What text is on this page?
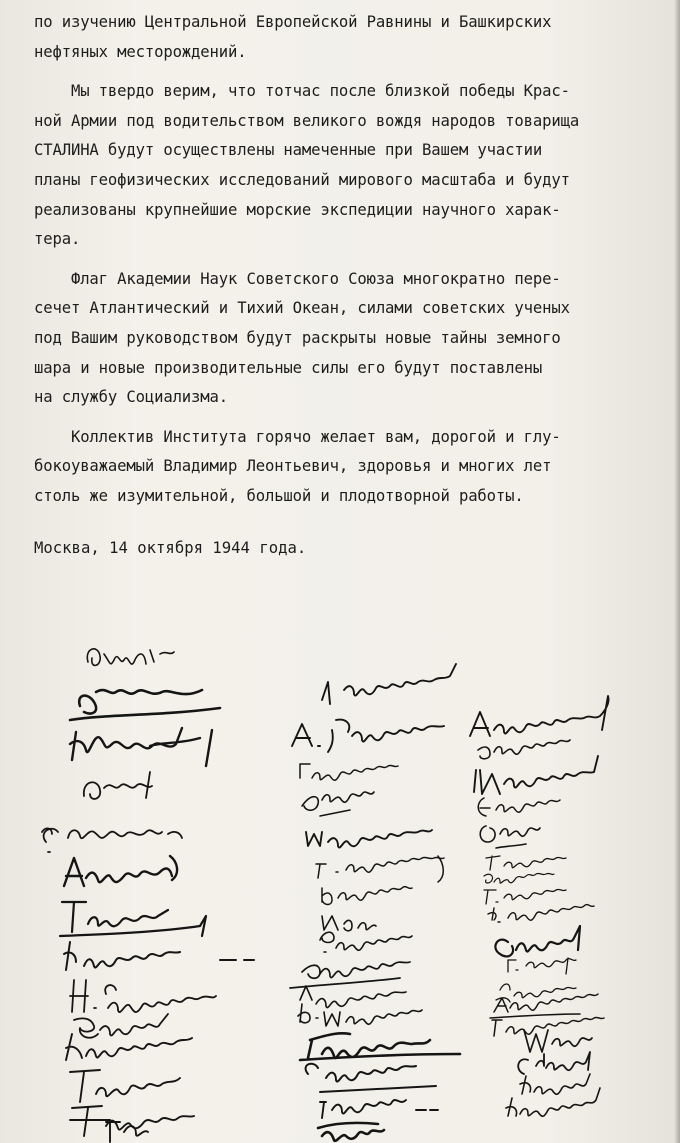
по изучению Центральной Европейской Равнины и Башкирских
нефтяных месторождений.
Мы твердо верим, что тотчас после близкой победы Крас-
ной Армии под водительством великого вождя народов товарища
СТАЛИНА будут осуществлены намеченные при Вашем участии
планы геофизических исследований мирового масштаба и будут
реализованы крупнейшие морские экспедиции научного харак-
тера.
Флаг Академии Наук Советского Союза многократно пере-
сечет Атлантический и Тихий Океан, силами советских ученых
под Вашим руководством будут раскрыты новые тайны земного
шара и новые производительные силы его будут поставлены
на службу Социализма.
Коллектив Института горячо желает вам, дорогой и глу-
бокоуважаемый Владимир Леонтьевич, здоровья и многих лет
столь же изумительной, большой и плодотворной работы.
Москва, 14 октября 1944 года.
